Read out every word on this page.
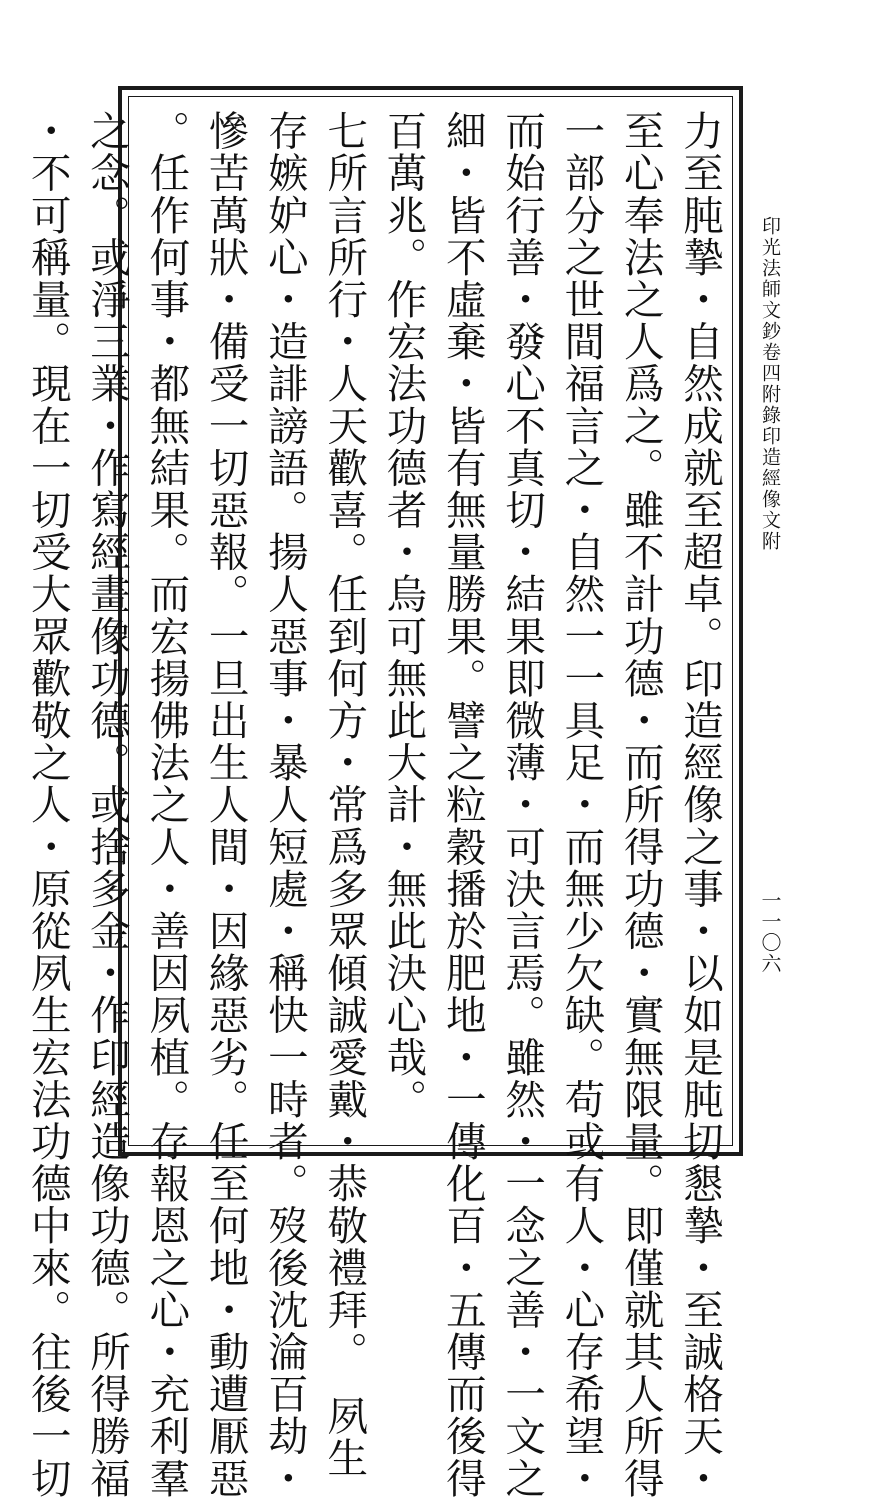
力至肫摯・自然成就至超卓。印造經像之事・以如是肫切懇摯・至誠格天・
至心奉法之人爲之。雖不計功德・而所得功德・實無限量。即僅就其人所得
一部分之世間福言之・自然一一具足・而無少欠缺。苟或有人・心存希望・
而始行善・發心不真切・結果即微薄・可決言焉。雖然・一念之善・一文之
細・皆不虛棄・皆有無量勝果。譬之粒穀播於肥地・一傳化百・五傳而後得
百萬兆。作宏法功德者・烏可無此大計・無此決心哉。
七所言所行・人天歡喜。任到何方・常爲多眾傾誠愛戴・恭敬禮拜。　夙生
存嫉妒心・造誹謗語。揚人惡事・暴人短處・稱快一時者。歿後沈淪百劫・
慘苦萬狀・備受一切惡報。一旦出生人間・因緣惡劣。任至何地・動遭厭惡
。任作何事・都無結果。而宏揚佛法之人・善因夙植。存報恩之心・充利羣
之念。或淨三業・作寫經畫像功德。或捨多金・作印經造像功德。所得勝福
・不可稱量。現在一切受大眾歡敬之人・原從夙生宏法功德中來。往後一切	印光法師文鈔卷四附錄印造經像文附
一一〇六
